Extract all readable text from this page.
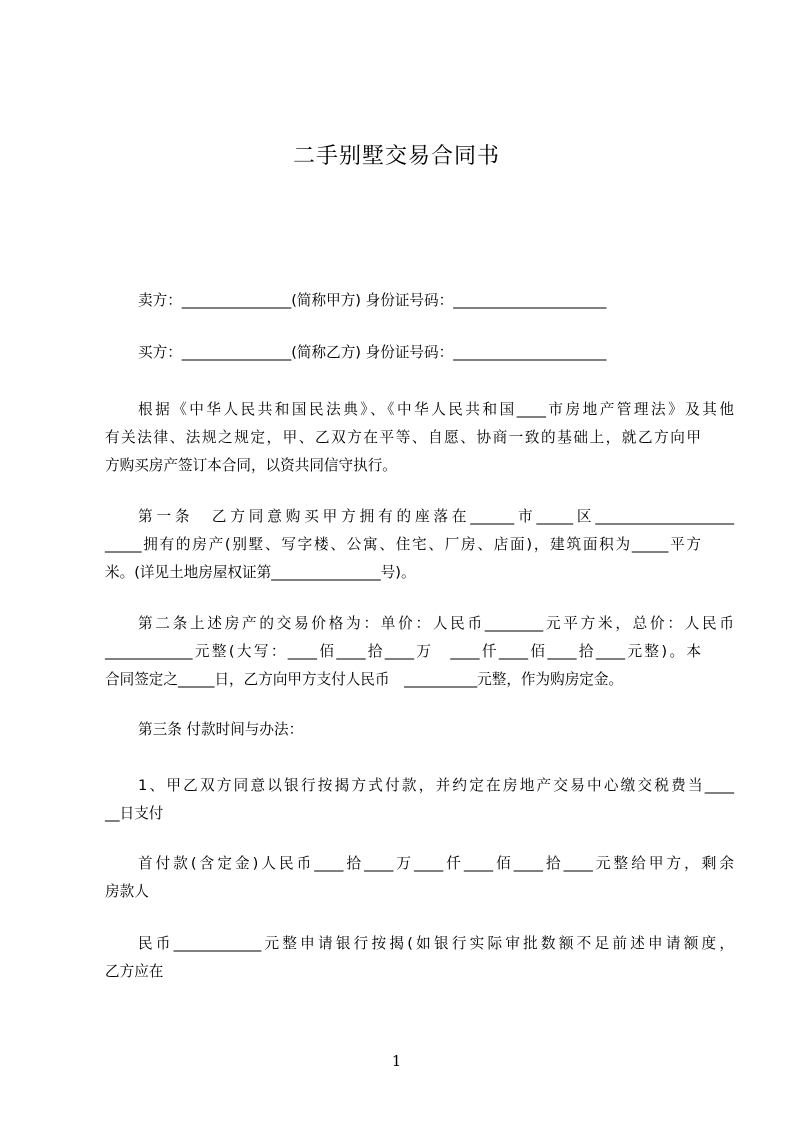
二手别墅交易合同书
卖方：_______________(简称甲方) 身份证号码：_____________________
买方：_______________(简称乙方) 身份证号码：_____________________
根据《中华人民共和国民法典》、《中华人民共和国____市房地产管理法》及其他
有关法律、法规之规定，甲、乙双方在平等、自愿、协商一致的基础上，就乙方向甲
方购买房产签订本合同，以资共同信守执行。
第一条　乙方同意购买甲方拥有的座落在______市_____区___________________
_____拥有的房产(别墅、写字楼、公寓、住宅、厂房、店面)，建筑面积为_____平方
米。(详见土地房屋权证第_______________号)。
第二条上述房产的交易价格为：单价：人民币________元平方米，总价：人民币
____________元整(大写：____佰____拾____万　____仟____佰____拾____元整)。本
合同签定之_____日，乙方向甲方支付人民币　__________元整，作为购房定金。
第三条 付款时间与办法：
1、甲乙双方同意以银行按揭方式付款，并约定在房地产交易中心缴交税费当____
__日支付
首付款(含定金)人民币____拾____万____仟____佰____拾____元整给甲方，剩余
房款人
民币____________元整申请银行按揭(如银行实际审批数额不足前述申请额度，
乙方应在
1
